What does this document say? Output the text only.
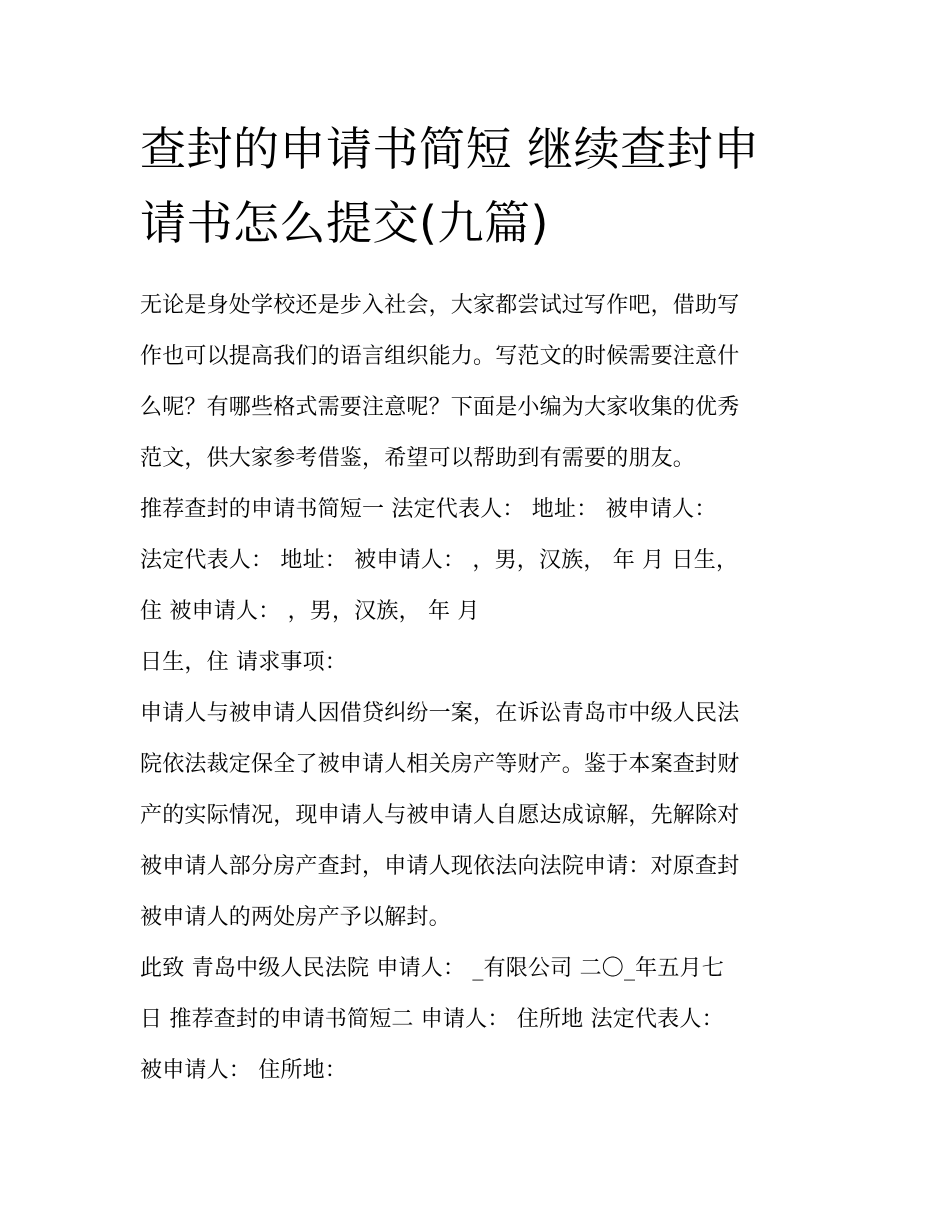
查封的申请书简短 继续查封申
请书怎么提交(九篇)

无论是身处学校还是步入社会，大家都尝试过写作吧，借助写

作也可以提高我们的语言组织能力。写范文的时候需要注意什

么呢？有哪些格式需要注意呢？下面是小编为大家收集的优秀

范文，供大家参考借鉴，希望可以帮助到有需要的朋友。

推荐查封的申请书简短一 法定代表人： 地址： 被申请人：

法定代表人： 地址： 被申请人： ，男，汉族， 年 月 日生，

住 被申请人： ，男，汉族， 年 月

日生，住 请求事项：

申请人与被申请人因借贷纠纷一案，在诉讼青岛市中级人民法

院依法裁定保全了被申请人相关房产等财产。鉴于本案查封财

产的实际情况，现申请人与被申请人自愿达成谅解，先解除对

被申请人部分房产查封，申请人现依法向法院申请：对原查封

被申请人的两处房产予以解封。

此致 青岛中级人民法院 申请人： _有限公司 二〇_年五月七

日 推荐查封的申请书简短二 申请人： 住所地 法定代表人：

被申请人： 住所地：
